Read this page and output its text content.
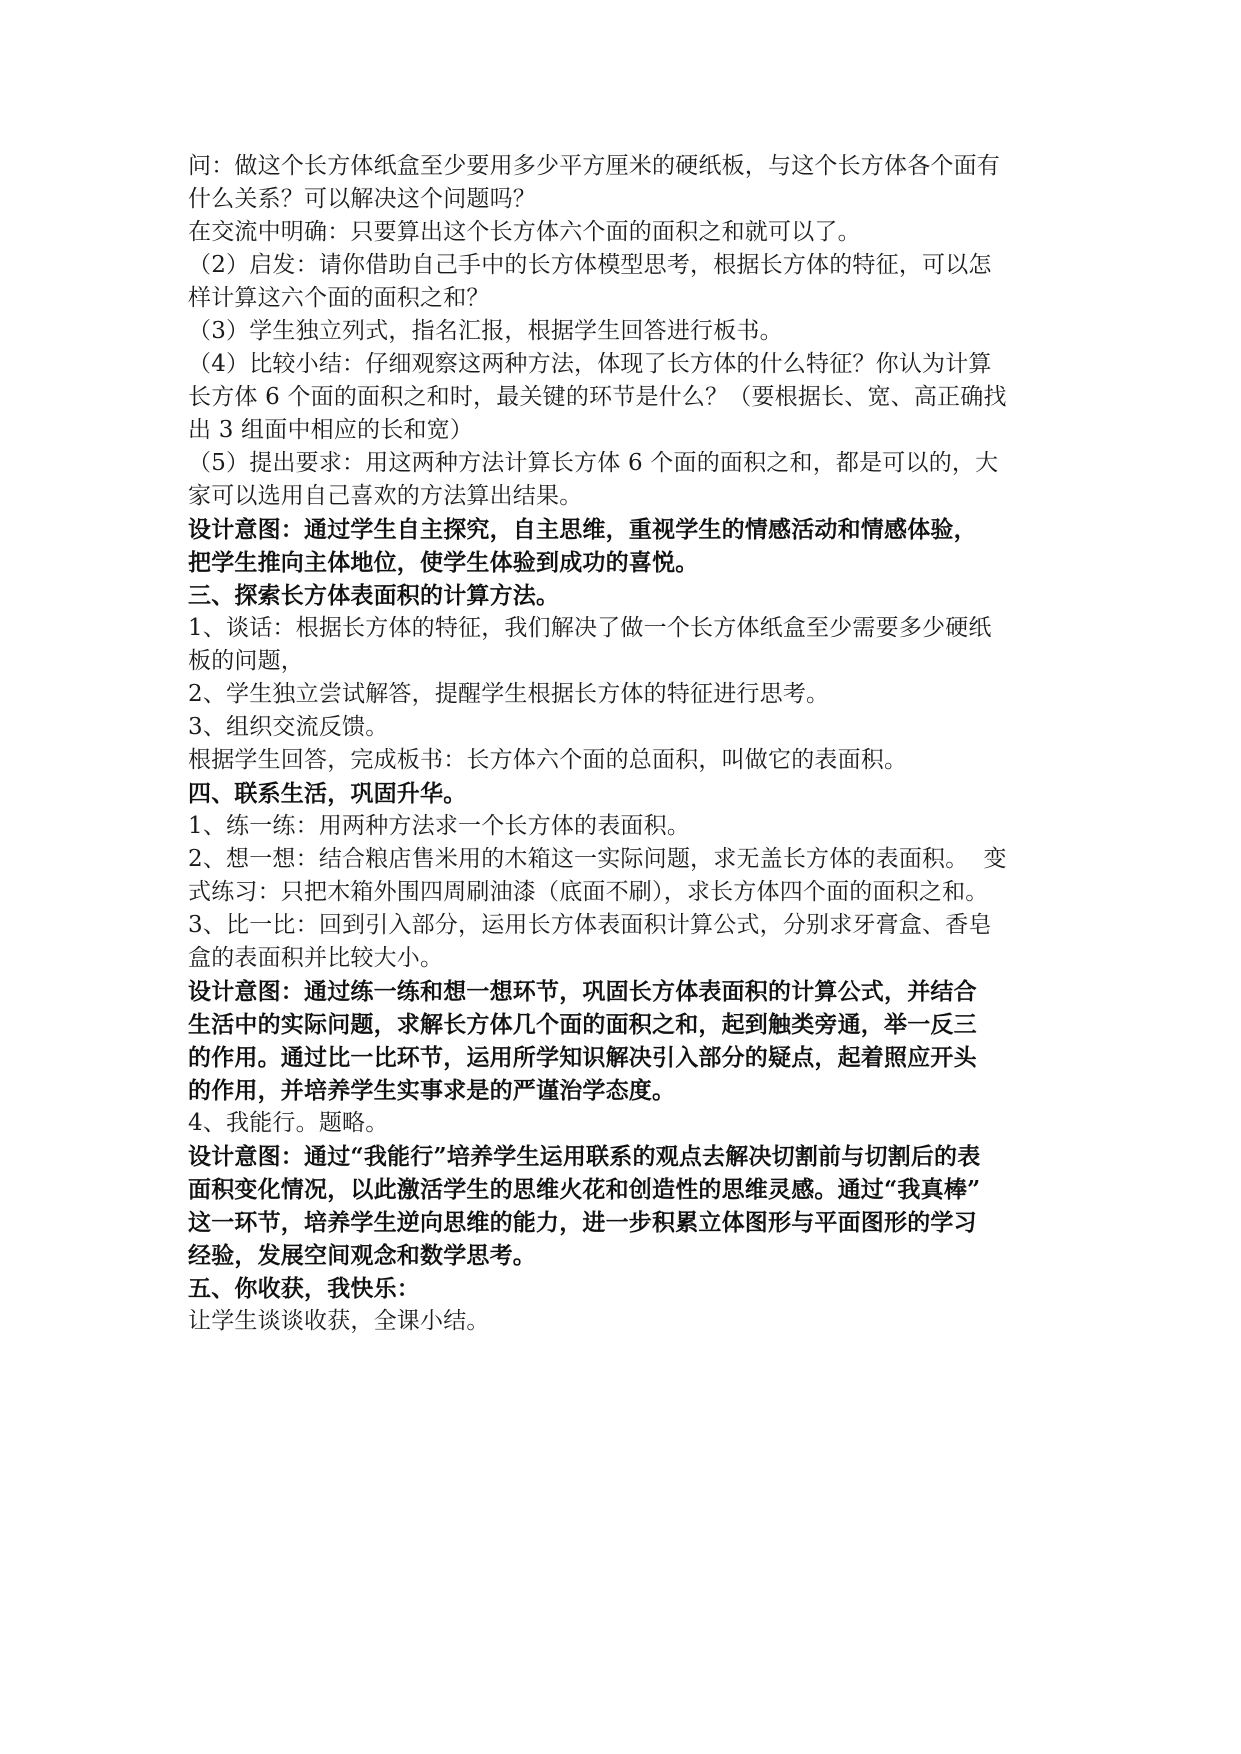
问：做这个长方体纸盒至少要用多少平方厘米的硬纸板，与这个长方体各个面有
什么关系？可以解决这个问题吗？
在交流中明确：只要算出这个长方体六个面的面积之和就可以了。
（2）启发：请你借助自己手中的长方体模型思考，根据长方体的特征，可以怎
样计算这六个面的面积之和？
（3）学生独立列式，指名汇报，根据学生回答进行板书。
（4）比较小结：仔细观察这两种方法，体现了长方体的什么特征？你认为计算
长方体 6 个面的面积之和时，最关键的环节是什么？（要根据长、宽、高正确找
出 3 组面中相应的长和宽）
（5）提出要求：用这两种方法计算长方体 6 个面的面积之和，都是可以的，大
家可以选用自己喜欢的方法算出结果。
设计意图：通过学生自主探究，自主思维，重视学生的情感活动和情感体验，
把学生推向主体地位，使学生体验到成功的喜悦。
三、探索长方体表面积的计算方法。
1、谈话：根据长方体的特征，我们解决了做一个长方体纸盒至少需要多少硬纸
板的问题，
2、学生独立尝试解答，提醒学生根据长方体的特征进行思考。
3、组织交流反馈。
根据学生回答，完成板书：长方体六个面的总面积，叫做它的表面积。
四、联系生活，巩固升华。
1、练一练：用两种方法求一个长方体的表面积。
2、想一想：结合粮店售米用的木箱这一实际问题，求无盖长方体的表面积。  变
式练习：只把木箱外围四周刷油漆（底面不刷），求长方体四个面的面积之和。
3、比一比：回到引入部分，运用长方体表面积计算公式，分别求牙膏盒、香皂
盒的表面积并比较大小。
设计意图：通过练一练和想一想环节，巩固长方体表面积的计算公式，并结合
生活中的实际问题，求解长方体几个面的面积之和，起到触类旁通，举一反三
的作用。通过比一比环节，运用所学知识解决引入部分的疑点，起着照应开头
的作用，并培养学生实事求是的严谨治学态度。
4、我能行。题略。
设计意图：通过“我能行”培养学生运用联系的观点去解决切割前与切割后的表
面积变化情况，以此激活学生的思维火花和创造性的思维灵感。通过“我真棒”
这一环节，培养学生逆向思维的能力，进一步积累立体图形与平面图形的学习
经验，发展空间观念和数学思考。
五、你收获，我快乐：
让学生谈谈收获，全课小结。
